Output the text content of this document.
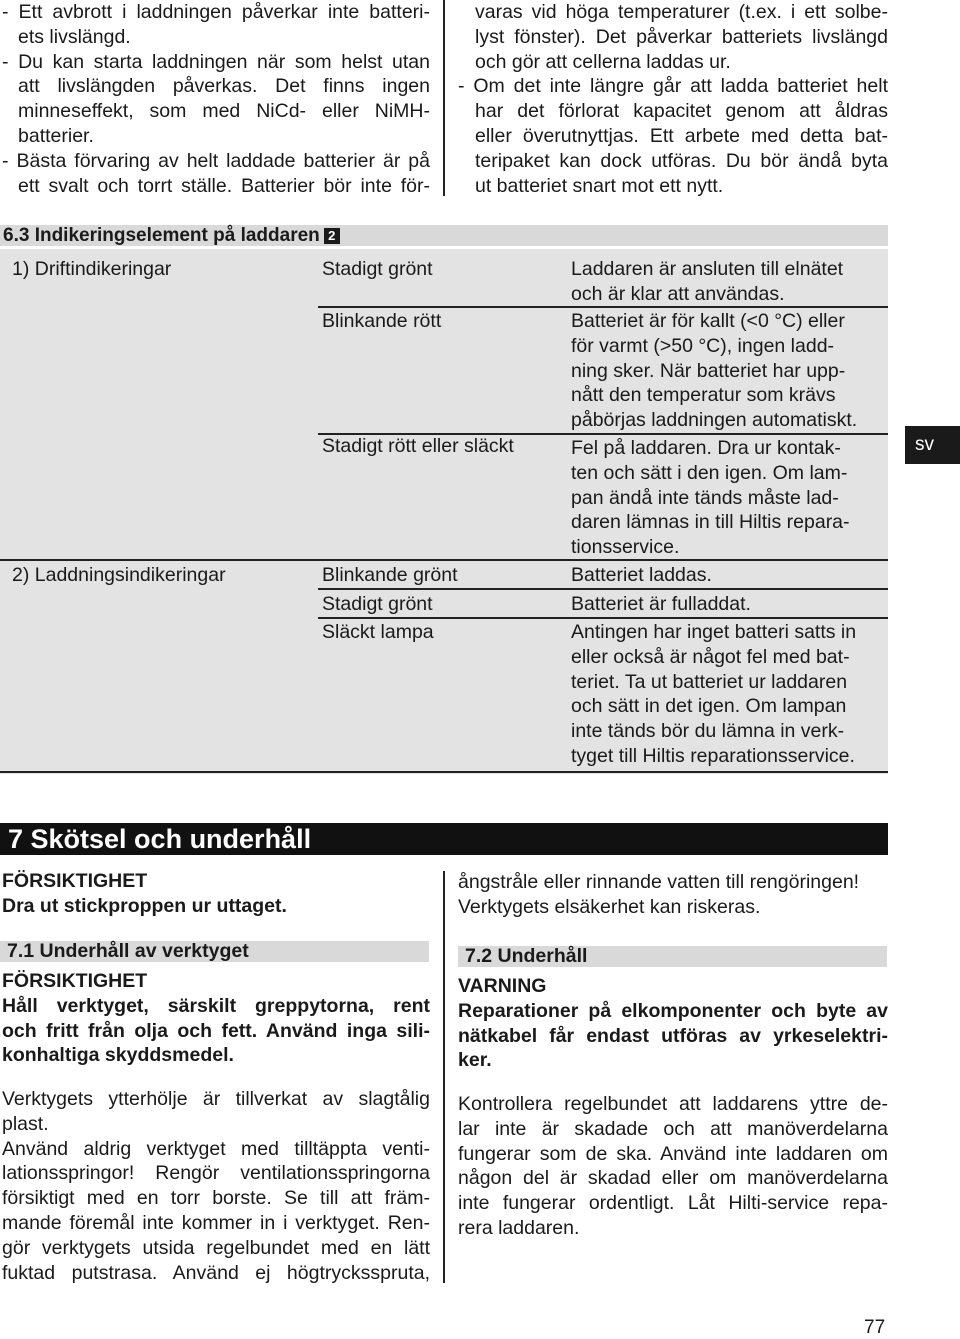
- Ett avbrott i laddningen påverkar inte batteri-
ets livslängd.
- Du kan starta laddningen när som helst utan
att livslängden påverkas. Det finns ingen
minneseffekt, som med NiCd- eller NiMH-
batterier.
- Bästa förvaring av helt laddade batterier är på
ett svalt och torrt ställe. Batterier bör inte för-
varas vid höga temperaturer (t.ex. i ett solbe-
lyst fönster). Det påverkar batteriets livslängd
och gör att cellerna laddas ur.
- Om det inte längre går att ladda batteriet helt
har det förlorat kapacitet genom att åldras
eller överutnyttjas. Ett arbete med detta bat-
teripaket kan dock utföras. Du bör ändå byta
ut batteriet snart mot ett nytt.
6.3 Indikeringselement på laddaren 2
1) Driftindikeringar	Stadigt grönt	Laddaren är ansluten till elnätet
och är klar att användas.
Blinkande rött	Batteriet är för kallt (<0 °C) eller
för varmt (>50 °C), ingen ladd-
ning sker. När batteriet har upp-
nått den temperatur som krävs
påbörjas laddningen automatiskt.
Stadigt rött eller släckt	Fel på laddaren. Dra ur kontak-
ten och sätt i den igen. Om lam-
pan ändå inte tänds måste lad-
daren lämnas in till Hiltis repara-
tionsservice.
2) Laddningsindikeringar	Blinkande grönt	Batteriet laddas.
Stadigt grönt	Batteriet är fulladdat.
Släckt lampa	Antingen har inget batteri satts in
eller också är något fel med bat-
teriet. Ta ut batteriet ur laddaren
och sätt in det igen. Om lampan
inte tänds bör du lämna in verk-
tyget till Hiltis reparationsservice.
sv
7 Skötsel och underhåll
FÖRSIKTIGHET
Dra ut stickproppen ur uttaget.
7.1 Underhåll av verktyget
FÖRSIKTIGHET
Håll verktyget, särskilt greppytorna, rent
och fritt från olja och fett. Använd inga sili-
konhaltiga skyddsmedel.
Verktygets ytterhölje är tillverkat av slagtålig
plast.
Använd aldrig verktyget med tilltäppta venti-
lationsspringor! Rengör ventilationsspringorna
försiktigt med en torr borste. Se till att främ-
mande föremål inte kommer in i verktyget. Ren-
gör verktygets utsida regelbundet med en lätt
fuktad putstrasa. Använd ej högtrycksspruta,
ångstråle eller rinnande vatten till rengöringen!
Verktygets elsäkerhet kan riskeras.
7.2 Underhåll
VARNING
Reparationer på elkomponenter och byte av
nätkabel får endast utföras av yrkeselektri-
ker.
Kontrollera regelbundet att laddarens yttre de-
lar inte är skadade och att manöverdelarna
fungerar som de ska. Använd inte laddaren om
någon del är skadad eller om manöverdelarna
inte fungerar ordentligt. Låt Hilti-service repa-
rera laddaren.
77
